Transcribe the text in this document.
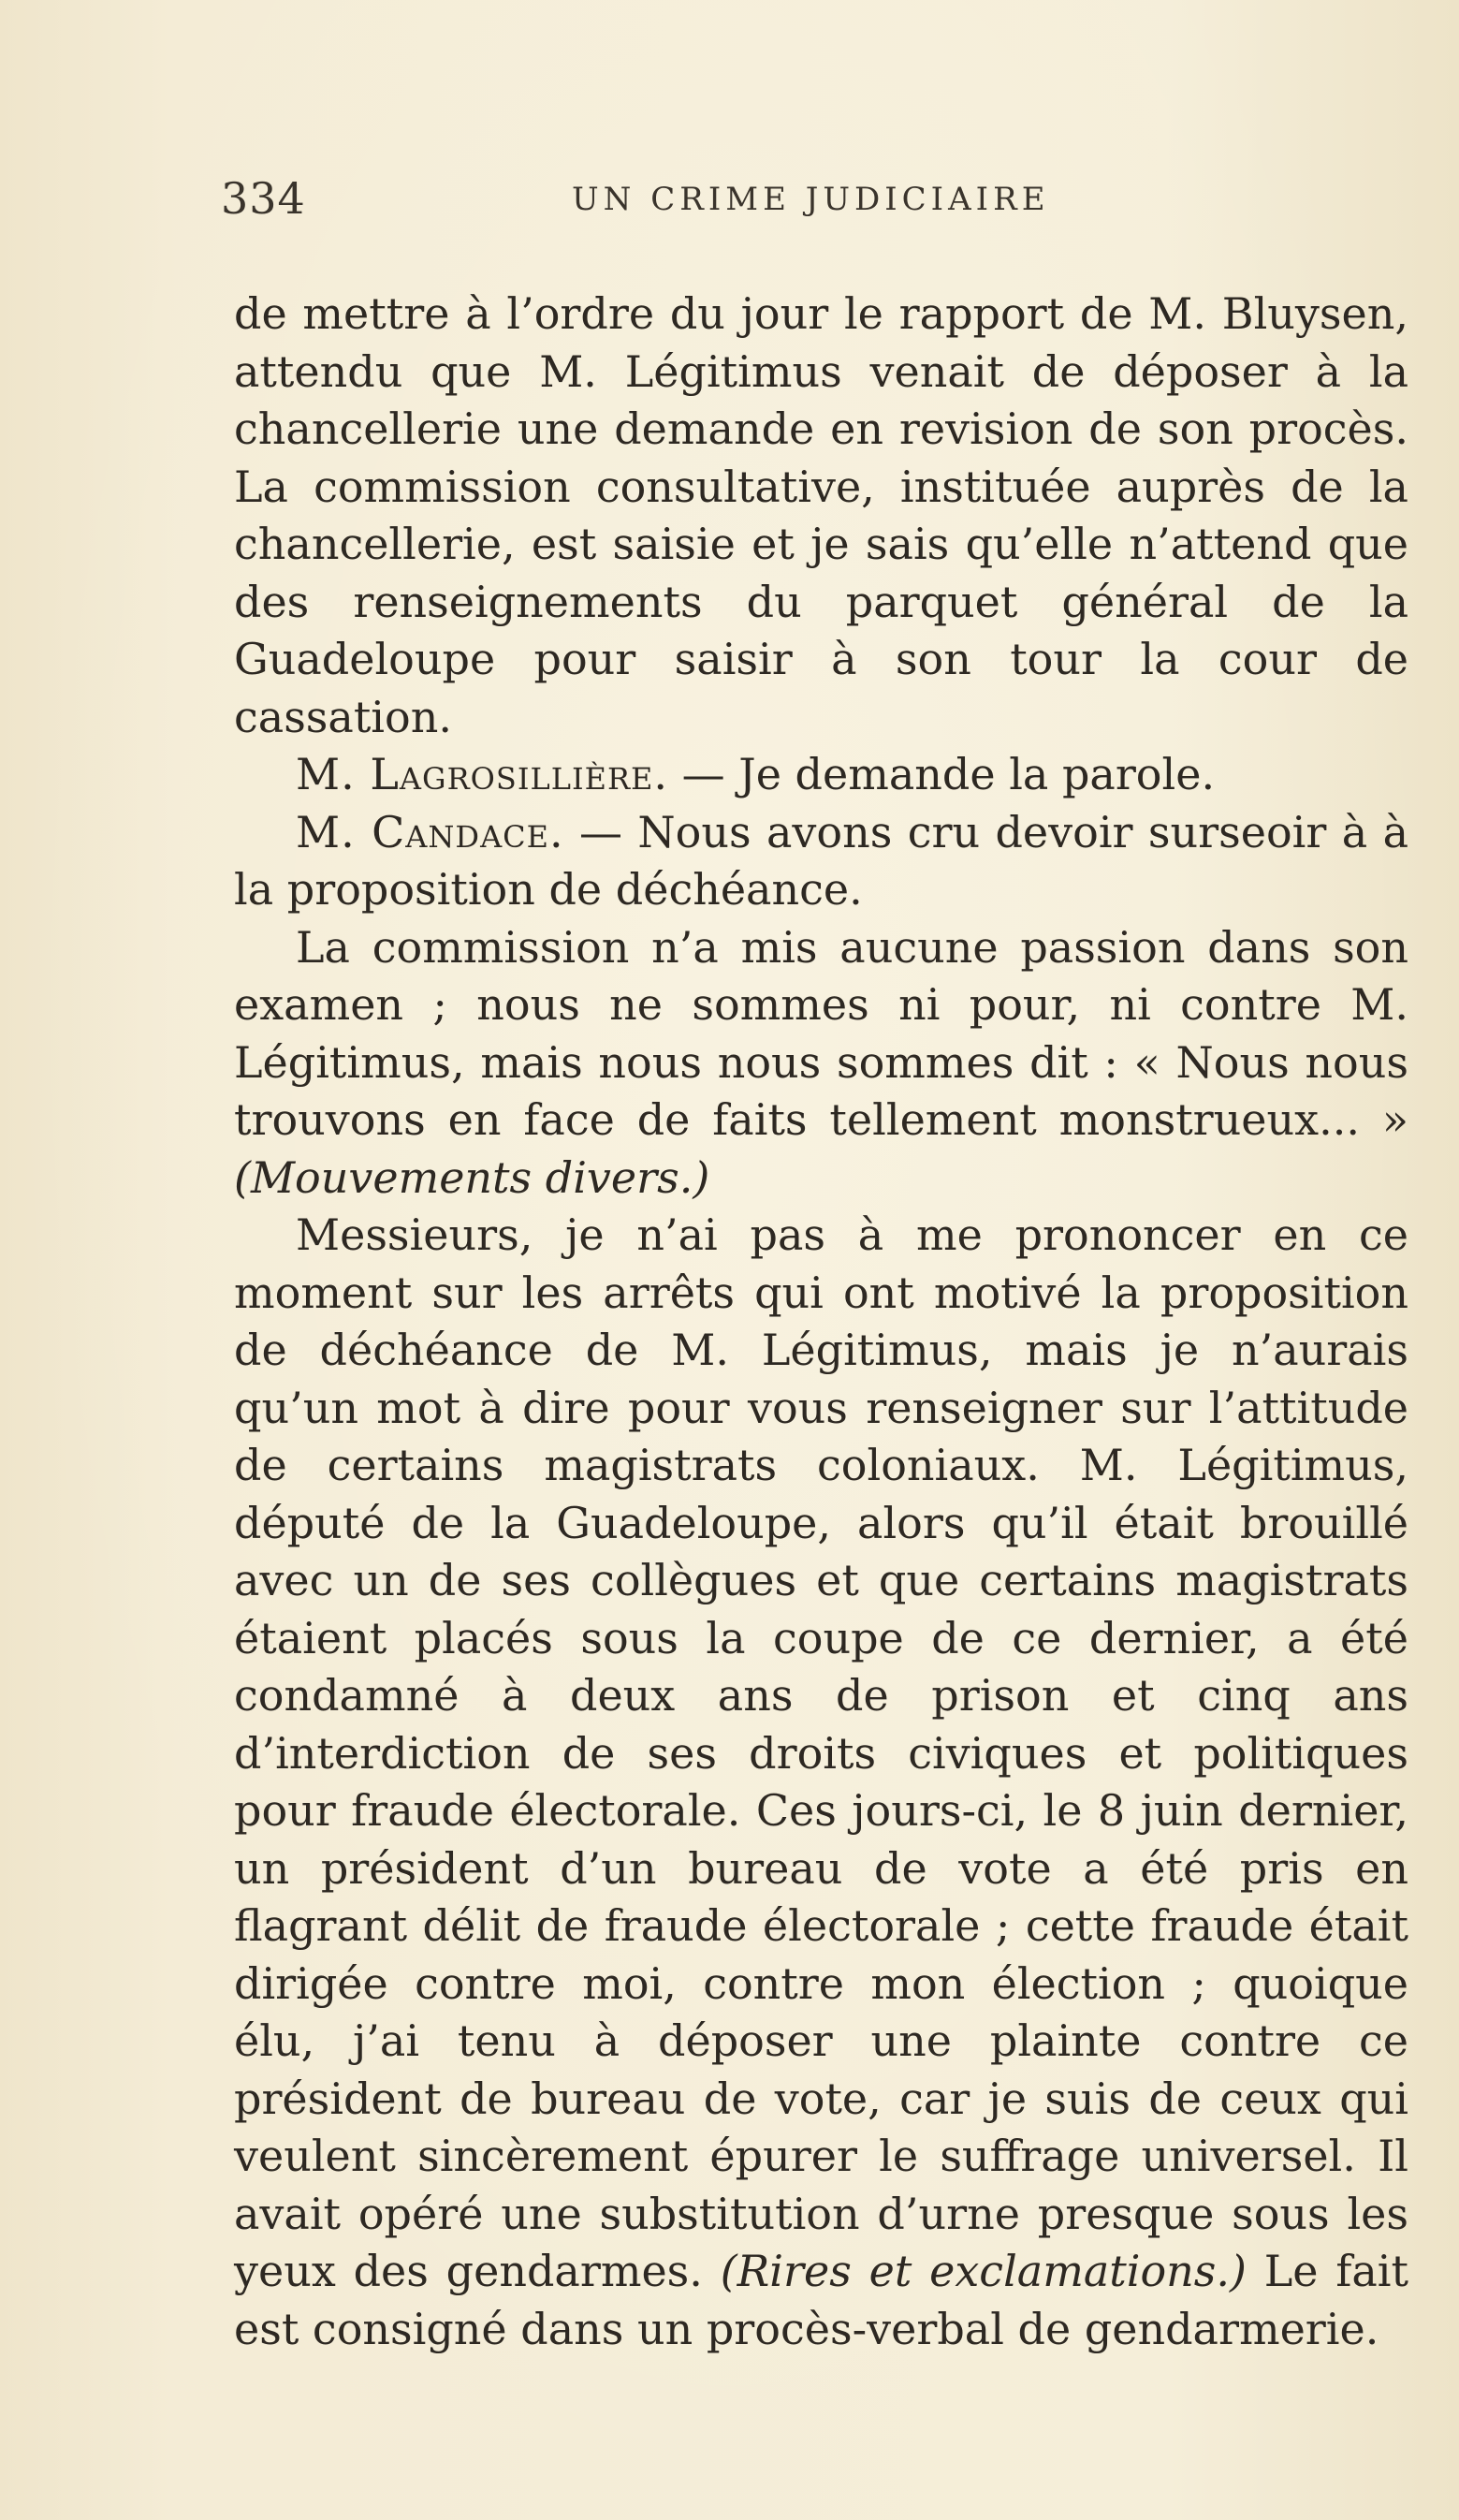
334	UN CRIME JUDICIAIRE

de mettre à l’ordre du jour le rapport de M. Bluysen, attendu que M. Légitimus venait de déposer à la chancellerie une demande en revision de son procès. La commission consultative, instituée auprès de la chancellerie, est saisie et je sais qu’elle n’attend que des renseignements du parquet général de la Guadeloupe pour saisir à son tour la cour de cassation.

M. Lagrosillière. — Je demande la parole.

M. Candace. — Nous avons cru devoir surseoir à à la proposition de déchéance.

La commission n’a mis aucune passion dans son examen ; nous ne sommes ni pour, ni contre M. Légitimus, mais nous nous sommes dit : « Nous nous trouvons en face de faits tellement monstrueux... » (Mouvements divers.)

Messieurs, je n’ai pas à me prononcer en ce moment sur les arrêts qui ont motivé la proposition de déchéance de M. Légitimus, mais je n’aurais qu’un mot à dire pour vous renseigner sur l’attitude de certains magistrats coloniaux. M. Légitimus, député de la Guadeloupe, alors qu’il était brouillé avec un de ses collègues et que certains magistrats étaient placés sous la coupe de ce dernier, a été condamné à deux ans de prison et cinq ans d’interdiction de ses droits civiques et politiques pour fraude électorale. Ces jours-ci, le 8 juin dernier, un président d’un bureau de vote a été pris en flagrant délit de fraude électorale ; cette fraude était dirigée contre moi, contre mon élection ; quoique élu, j’ai tenu à déposer une plainte contre ce président de bureau de vote, car je suis de ceux qui veulent sincèrement épurer le suffrage universel. Il avait opéré une substitution d’urne presque sous les yeux des gendarmes. (Rires et exclamations.) Le fait est consigné dans un procès-verbal de gendarmerie.
